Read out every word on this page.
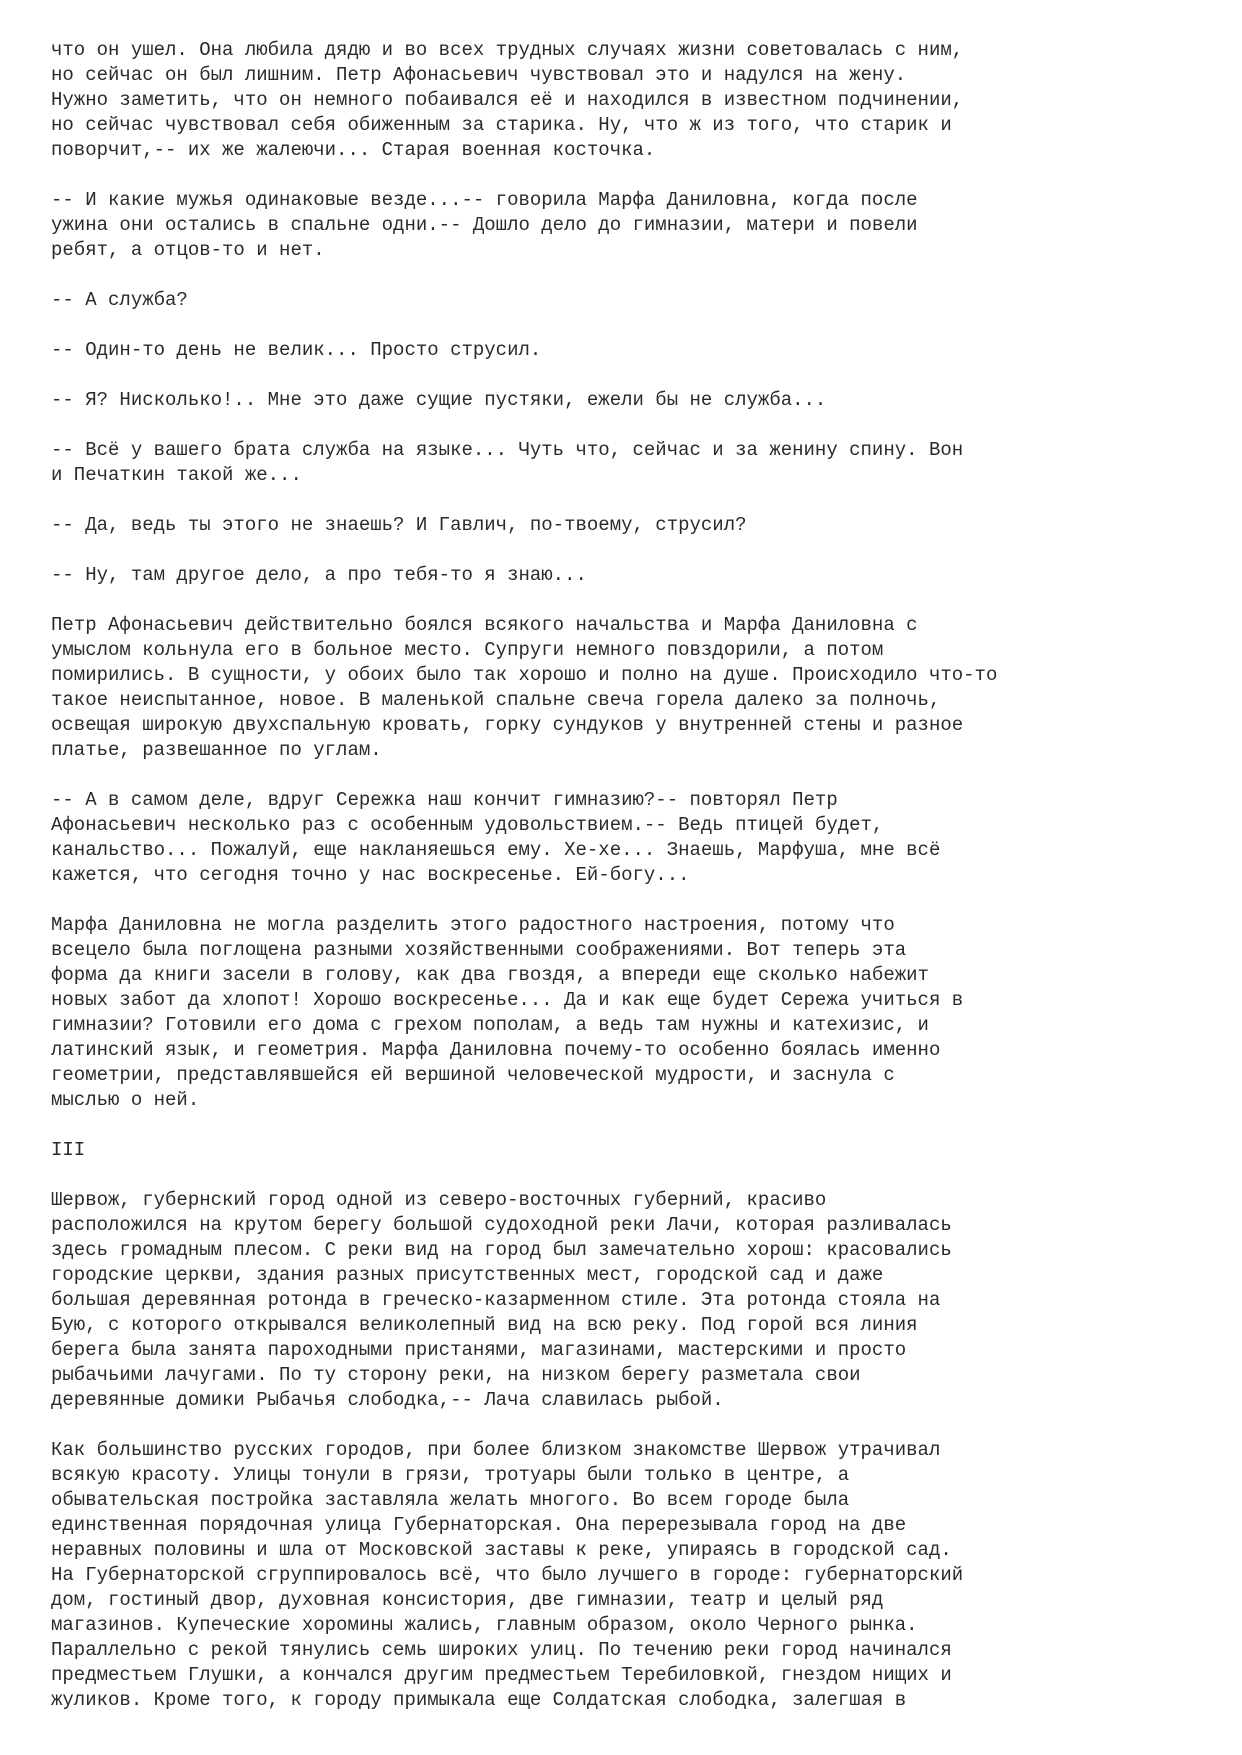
что он ушел. Она любила дядю и во всех трудных случаях жизни советовалась с ним,
но сейчас он был лишним. Петр Афонасьевич чувствовал это и надулся на жену.
Нужно заметить, что он немного побаивался её и находился в известном подчинении,
но сейчас чувствовал себя обиженным за старика. Ну, что ж из того, что старик и
поворчит,-- их же жалеючи... Старая военная косточка.
-- И какие мужья одинаковые везде...-- говорила Марфа Даниловна, когда после
ужина они остались в спальне одни.-- Дошло дело до гимназии, матери и повели
ребят, а отцов-то и нет.
-- А служба?
-- Один-то день не велик... Просто струсил.
-- Я? Нисколько!.. Мне это даже сущие пустяки, ежели бы не служба...
-- Всё у вашего брата служба на языке... Чуть что, сейчас и за женину спину. Вон
и Печаткин такой же...
-- Да, ведь ты этого не знаешь? И Гавлич, по-твоему, струсил?
-- Ну, там другое дело, а про тебя-то я знаю...
Петр Афонасьевич действительно боялся всякого начальства и Марфа Даниловна с
умыслом кольнула его в больное место. Супруги немного повздорили, а потом
помирились. В сущности, у обоих было так хорошо и полно на душе. Происходило что-то
такое неиспытанное, новое. В маленькой спальне свеча горела далеко за полночь,
освещая широкую двухспальную кровать, горку сундуков у внутренней стены и разное
платье, развешанное по углам.
-- А в самом деле, вдруг Сережка наш кончит гимназию?-- повторял Петр
Афонасьевич несколько раз с особенным удовольствием.-- Ведь птицей будет,
канальство... Пожалуй, еще накланяешься ему. Хе-хе... Знаешь, Марфуша, мне всё
кажется, что сегодня точно у нас воскресенье. Ей-богу...
Марфа Даниловна не могла разделить этого радостного настроения, потому что
всецело была поглощена разными хозяйственными соображениями. Вот теперь эта
форма да книги засели в голову, как два гвоздя, а впереди еще сколько набежит
новых забот да хлопот! Хорошо воскресенье... Да и как еще будет Сережа учиться в
гимназии? Готовили его дома с грехом пополам, а ведь там нужны и катехизис, и
латинский язык, и геометрия. Марфа Даниловна почему-то особенно боялась именно
геометрии, представлявшейся ей вершиной человеческой мудрости, и заснула с
мыслью о ней.
III
Шервож, губернский город одной из северо-восточных губерний, красиво
расположился на крутом берегу большой судоходной реки Лачи, которая разливалась
здесь громадным плесом. С реки вид на город был замечательно хорош: красовались
городские церкви, здания разных присутственных мест, городской сад и даже
большая деревянная ротонда в греческо-казарменном стиле. Эта ротонда стояла на
Бую, с которого открывался великолепный вид на всю реку. Под горой вся линия
берега была занята пароходными пристанями, магазинами, мастерскими и просто
рыбачьими лачугами. По ту сторону реки, на низком берегу разметала свои
деревянные домики Рыбачья слободка,-- Лача славилась рыбой.
Как большинство русских городов, при более близком знакомстве Шервож утрачивал
всякую красоту. Улицы тонули в грязи, тротуары были только в центре, а
обывательская постройка заставляла желать многого. Во всем городе была
единственная порядочная улица Губернаторская. Она перерезывала город на две
неравных половины и шла от Московской заставы к реке, упираясь в городской сад.
На Губернаторской сгруппировалось всё, что было лучшего в городе: губернаторский
дом, гостиный двор, духовная консистория, две гимназии, театр и целый ряд
магазинов. Купеческие хоромины жались, главным образом, около Черного рынка.
Параллельно с рекой тянулись семь широких улиц. По течению реки город начинался
предместьем Глушки, а кончался другим предместьем Теребиловкой, гнездом нищих и
жуликов. Кроме того, к городу примыкала еще Солдатская слободка, залегшая в
